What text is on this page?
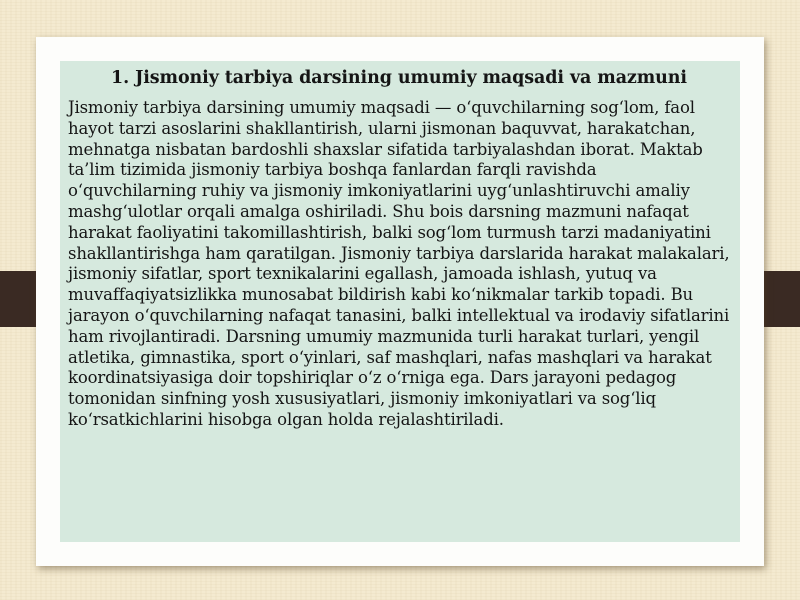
1. Jismoniy tarbiya darsining umumiy maqsadi va mazmuni

Jismoniy tarbiya darsining umumiy maqsadi — o‘quvchilarning sog‘lom, faol hayot tarzi asoslarini shakllantirish, ularni jismonan baquvvat, harakatchan, mehnatga nisbatan bardoshli shaxslar sifatida tarbiyalashdan iborat. Maktab ta’lim tizimida jismoniy tarbiya boshqa fanlardan farqli ravishda o‘quvchilarning ruhiy va jismoniy imkoniyatlarini uyg‘unlashtiruvchi amaliy mashg‘ulotlar orqali amalga oshiriladi. Shu bois darsning mazmuni nafaqat harakat faoliyatini takomillashtirish, balki sog‘lom turmush tarzi madaniyatini shakllantirishga ham qaratilgan. Jismoniy tarbiya darslarida harakat malakalari, jismoniy sifatlar, sport texnikalarini egallash, jamoada ishlash, yutuq va muvaffaqiyatsizlikka munosabat bildirish kabi ko‘nikmalar tarkib topadi. Bu jarayon o‘quvchilarning nafaqat tanasini, balki intellektual va irodaviy sifatlarini ham rivojlantiradi. Darsning umumiy mazmunida turli harakat turlari, yengil atletika, gimnastika, sport o‘yinlari, saf mashqlari, nafas mashqlari va harakat koordinatsiyasiga doir topshiriqlar o‘z o‘rniga ega. Dars jarayoni pedagog tomonidan sinfning yosh xususiyatlari, jismoniy imkoniyatlari va sog‘liq ko‘rsatkichlarini hisobga olgan holda rejalashtiriladi.
